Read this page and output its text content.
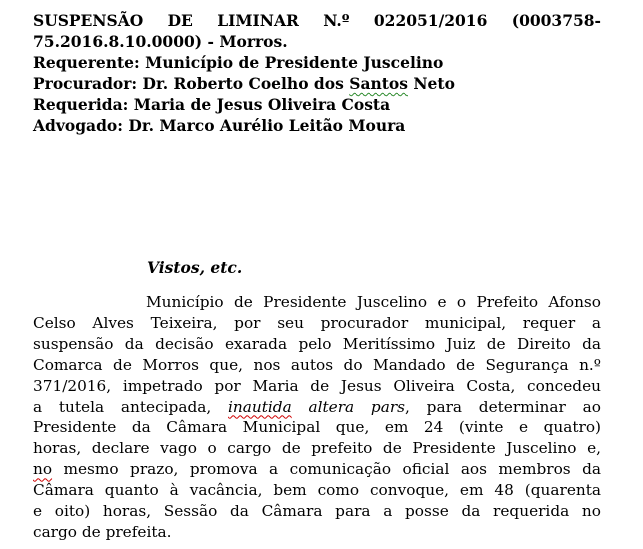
SUSPENSÃO DE LIMINAR N.º 022051/2016 (0003758-

75.2016.8.10.0000) - Morros.

Requerente: Município de Presidente Juscelino

Procurador: Dr. Roberto Coelho dos Santos Neto

Requerida: Maria de Jesus Oliveira Costa

Advogado: Dr. Marco Aurélio Leitão Moura

Vistos, etc.

Município de Presidente Juscelino e o Prefeito Afonso
Celso Alves Teixeira, por seu procurador municipal, requer a
suspensão da decisão exarada pelo Meritíssimo Juiz de Direito da
Comarca de Morros que, nos autos do Mandado de Segurança n.º
371/2016, impetrado por Maria de Jesus Oliveira Costa, concedeu
a tutela antecipada, inautida altera pars, para determinar ao
Presidente da Câmara Municipal que, em 24 (vinte e quatro)
horas, declare vago o cargo de prefeito de Presidente Juscelino e,
no mesmo prazo, promova a comunicação oficial aos membros da
Câmara quanto à vacância, bem como convoque, em 48 (quarenta
e oito) horas, Sessão da Câmara para a posse da requerida no
cargo de prefeita.
